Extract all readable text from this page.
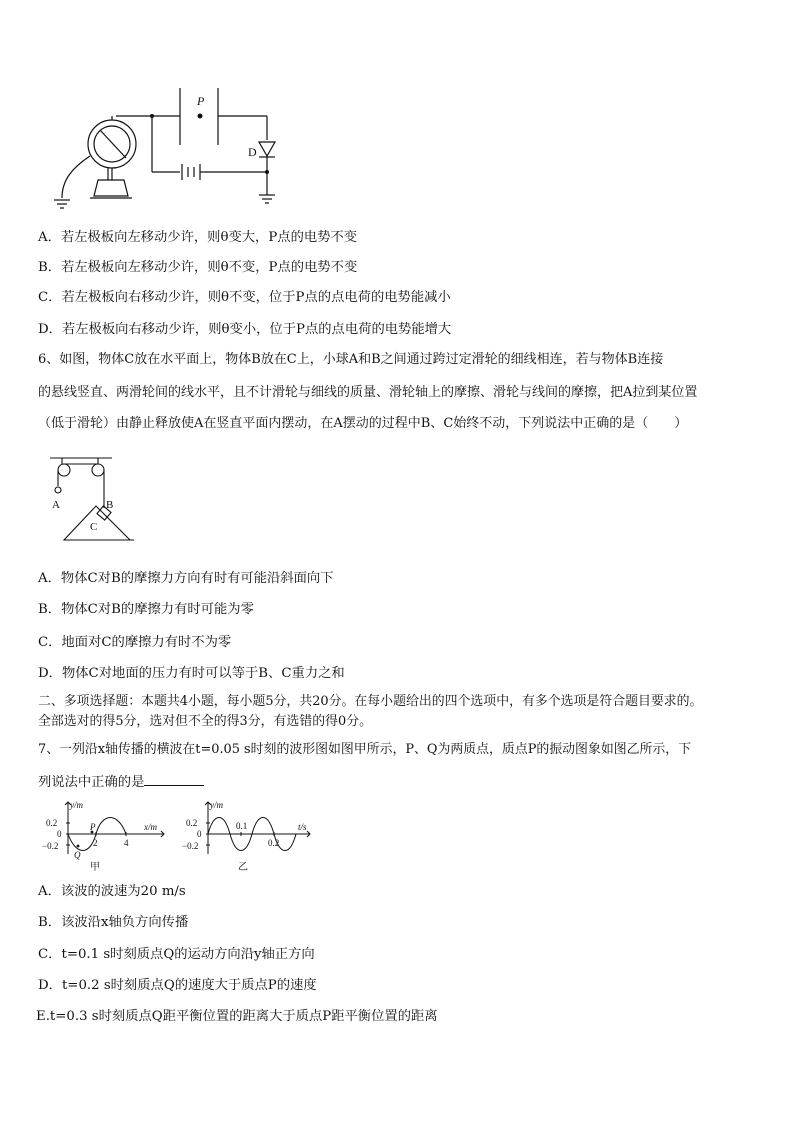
P
D
A．若左极板向左移动少许，则θ变大，P点的电势不变
B．若左极板向左移动少许，则θ不变，P点的电势不变
C．若左极板向右移动少许，则θ不变，位于P点的点电荷的电势能减小
D．若左极板向右移动少许，则θ变小，位于P点的点电荷的电势能增大
6、如图，物体C放在水平面上，物体B放在C上，小球A和B之间通过跨过定滑轮的细线相连，若与物体B连接
的悬线竖直、两滑轮间的线水平，且不计滑轮与细线的质量、滑轮轴上的摩擦、滑轮与线间的摩擦，把A拉到某位置
（低于滑轮）由静止释放使A在竖直平面内摆动，在A摆动的过程中B、C始终不动，下列说法中正确的是（　　）
A	B
C
A．物体C对B的摩擦力方向有时有可能沿斜面向下
B．物体C对B的摩擦力有时可能为零
C．地面对C的摩擦力有时不为零
D．物体C对地面的压力有时可以等于B、C重力之和
二、多项选择题：本题共4小题，每小题5分，共20分。在每小题给出的四个选项中，有多个选项是符合题目要求的。
全部选对的得5分，选对但不全的得3分，有选错的得0分。
7、一列沿x轴传播的横波在t=0.05 s时刻的波形图如图甲所示，P、Q为两质点，质点P的振动图象如图乙所示，下
列说法中正确的是
y/m
x/m
0.2
0
−0.2	2	4
P
Q
甲
y/m
t/s
0.2
0
−0.2
0.1
0.2
乙
A．该波的波速为20 m/s
B．该波沿x轴负方向传播
C．t=0.1 s时刻质点Q的运动方向沿y轴正方向
D．t=0.2 s时刻质点Q的速度大于质点P的速度
E.t=0.3 s时刻质点Q距平衡位置的距离大于质点P距平衡位置的距离
